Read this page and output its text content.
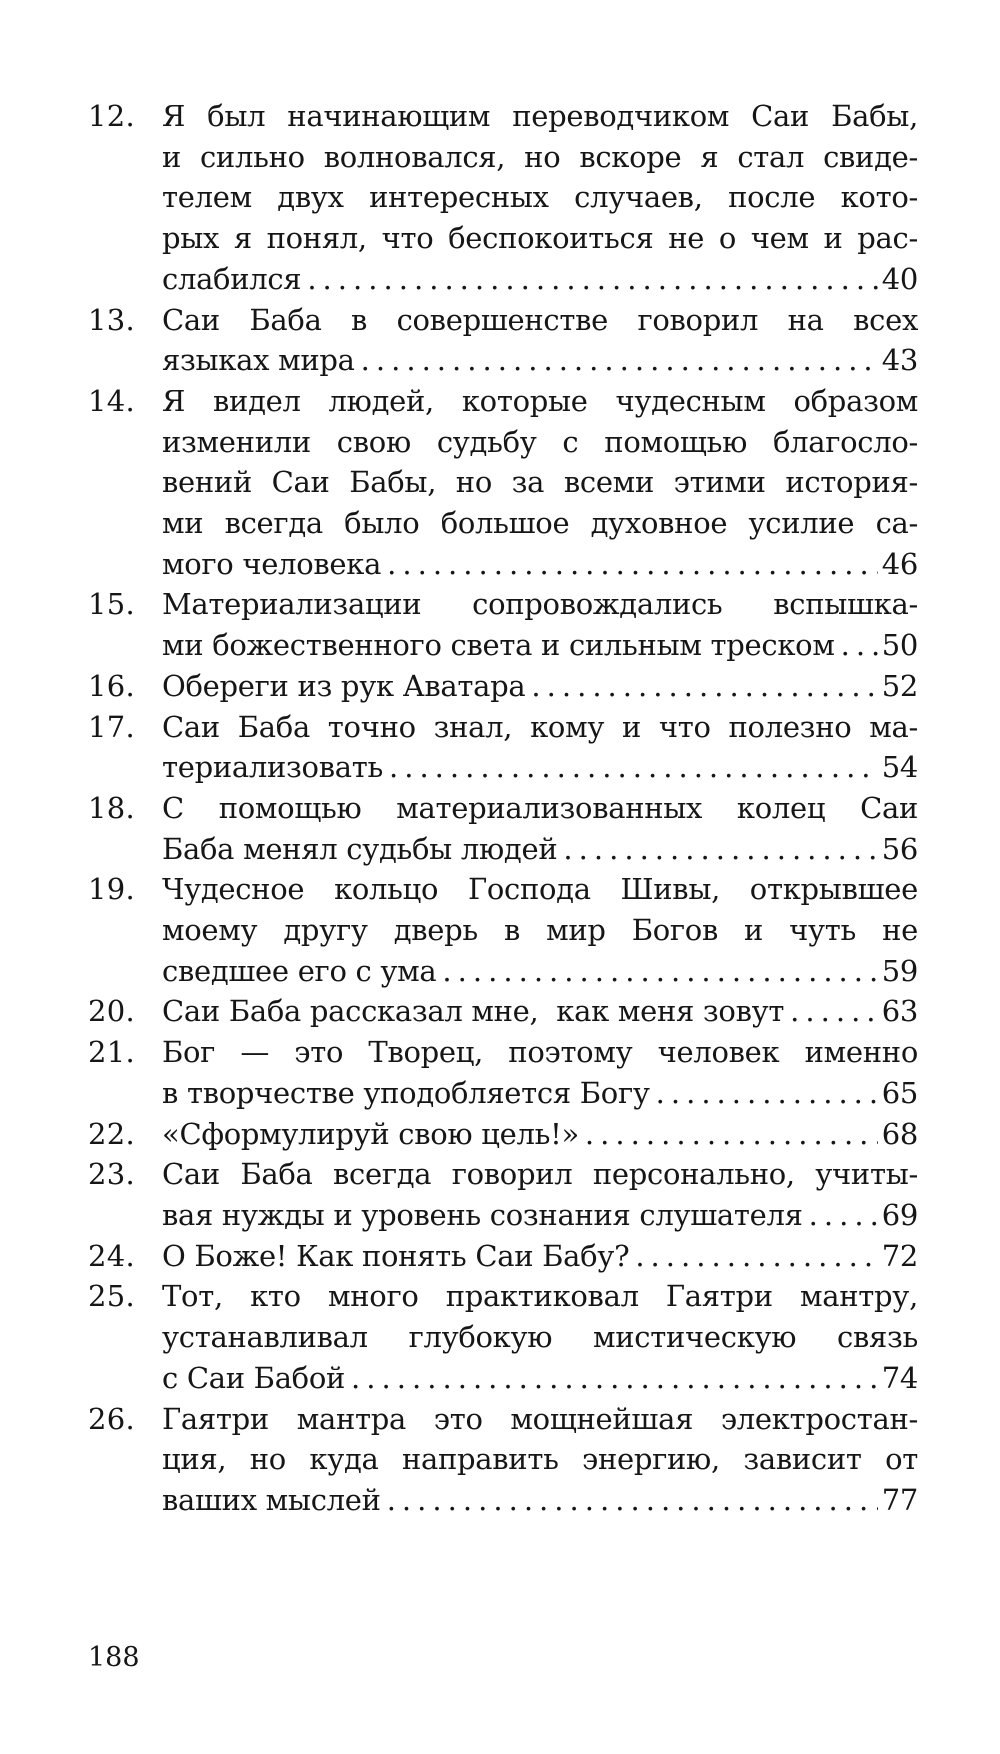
12. Я был начинающим переводчиком Саи Бабы,
и сильно волновался, но вскоре я стал свиде-
телем двух интересных случаев, после кото-
рых я понял, что беспокоиться не о чем и рас-
слабился . . .	40
13. Саи Баба в совершенстве говорил на всех
языках мира . . .	43
14. Я видел людей, которые чудесным образом
изменили свою судьбу с помощью благосло-
вений Саи Бабы, но за всеми этими история-
ми всегда было большое духовное усилие са-
мого человека . . .	46
15. Материализации сопровождались вспышка-
ми божественного света и сильным треском . . . 50
16. Обереги из рук Аватара . . .	52
17. Саи Баба точно знал, кому и что полезно ма-
териализовать . . .	54
18. С помощью материализованных колец Саи
Баба менял судьбы людей . . .	56
19. Чудесное кольцо Господа Шивы, открывшее
моему другу дверь в мир Богов и чуть не
сведшее его с ума . . .	59
20. Саи Баба рассказал мне,  как меня зовут . . .	63
21. Бог — это Творец, поэтому человек именно
в творчестве уподобляется Богу . . .	65
22. «Сформулируй свою цель!» . . .	68
23. Саи Баба всегда говорил персонально, учиты-
вая нужды и уровень сознания слушателя . . .	69
24. О Боже! Как понять Саи Бабу? . . .	72
25. Тот, кто много практиковал Гаятри мантру,
устанавливал глубокую мистическую связь
с Саи Бабой . . .	74
26. Гаятри мантра это мощнейшая электростан-
ция, но куда направить энергию, зависит от
ваших мыслей . . .	77
188
